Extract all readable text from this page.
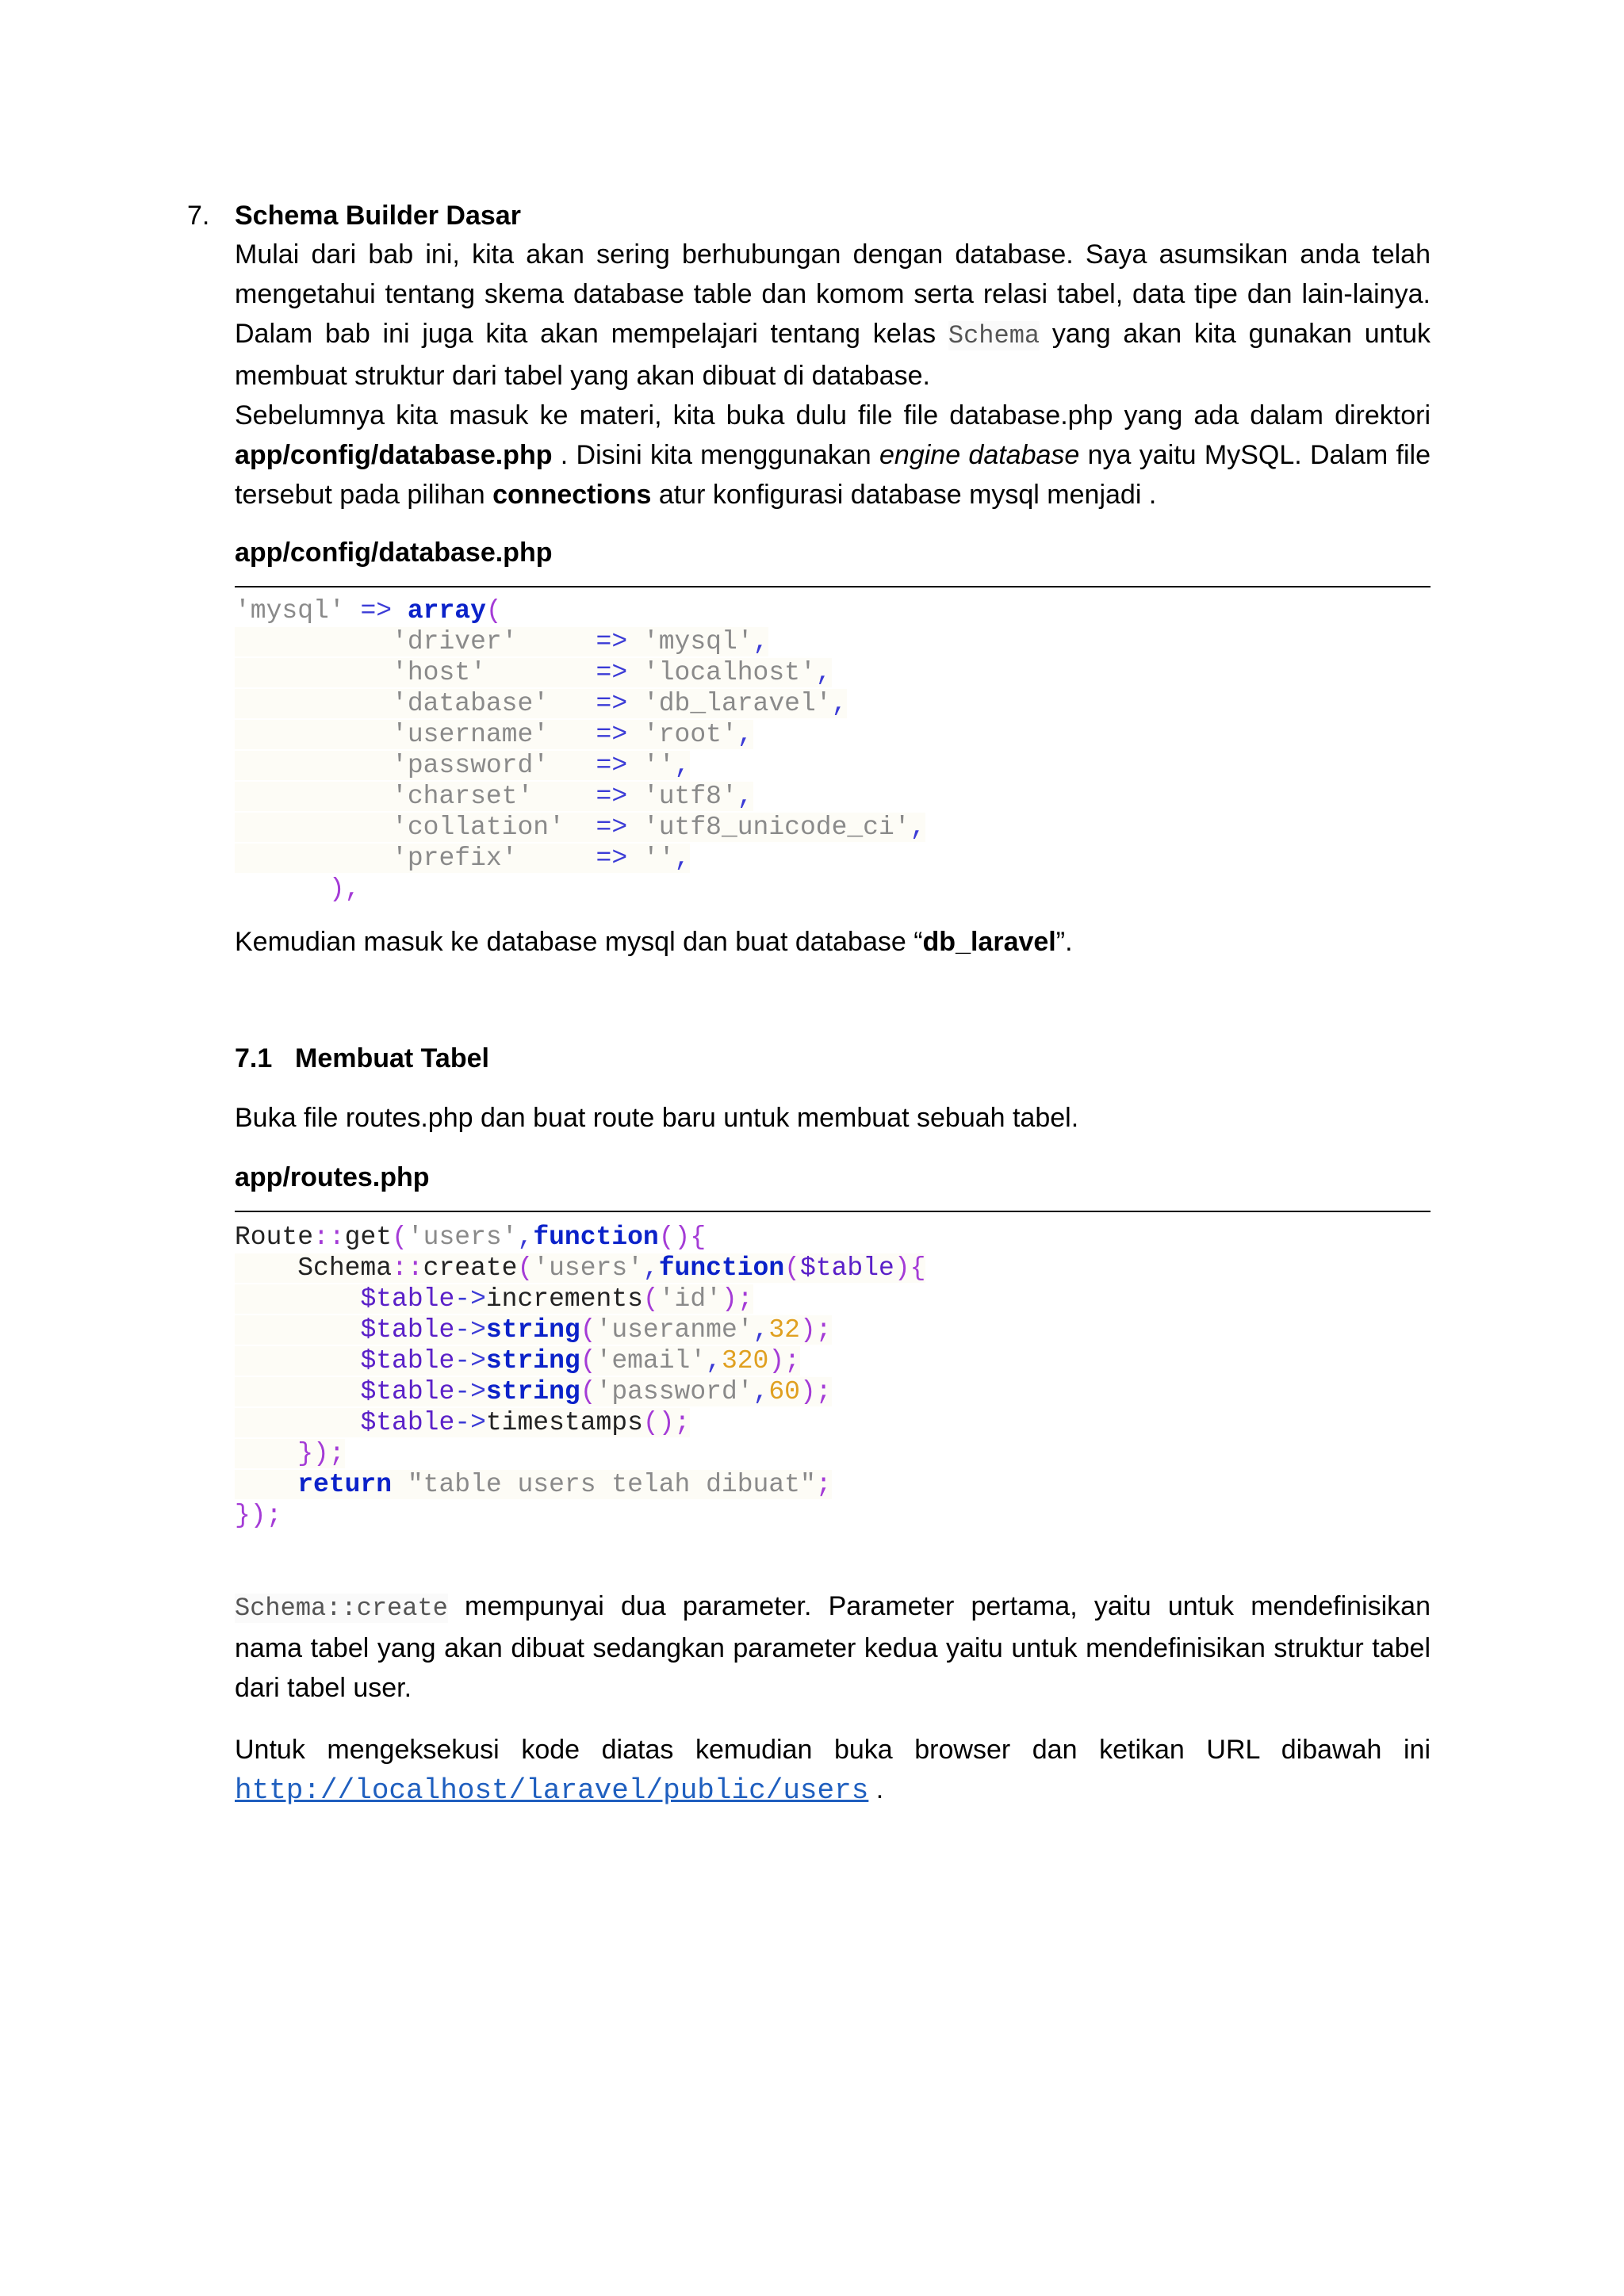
7. Schema Builder Dasar

Mulai dari bab ini, kita akan sering berhubungan dengan database. Saya asumsikan anda telah mengetahui tentang skema database table dan komom serta relasi tabel, data tipe dan lain-lainya. Dalam bab ini juga kita akan mempelajari tentang kelas Schema yang akan kita gunakan untuk membuat struktur dari tabel yang akan dibuat di database.

Sebelumnya kita masuk ke materi, kita buka dulu file file database.php yang ada dalam direktori app/config/database.php . Disini kita menggunakan engine database nya yaitu MySQL. Dalam file tersebut pada pilihan connections atur konfigurasi database mysql menjadi .

app/config/database.php
'mysql' => array(
'driver'	=> 'mysql',
'host'	=> 'localhost',
'database' => 'db_laravel',
'username' => 'root',
'password' => '',
'charset' => 'utf8',
'collation' => 'utf8_unicode_ci',
'prefix'	=> '',
),

Kemudian masuk ke database mysql dan buat database “db_laravel”.

7.1 Membuat Tabel

Buka file routes.php dan buat route baru untuk membuat sebuah tabel.

app/routes.php
Route::get('users',function(){
Schema::create('users',function($table){
$table->increments('id');
$table->string('useranme',32);
$table->string('email',320);
$table->string('password',60);
$table->timestamps();
});
return "table users telah dibuat";
});

Schema::create mempunyai dua parameter. Parameter pertama, yaitu untuk mendefinisikan nama tabel yang akan dibuat sedangkan parameter kedua yaitu untuk mendefinisikan struktur tabel dari tabel user.

Untuk mengeksekusi kode diatas kemudian buka browser dan ketikan URL dibawah ini http://localhost/laravel/public/users .
